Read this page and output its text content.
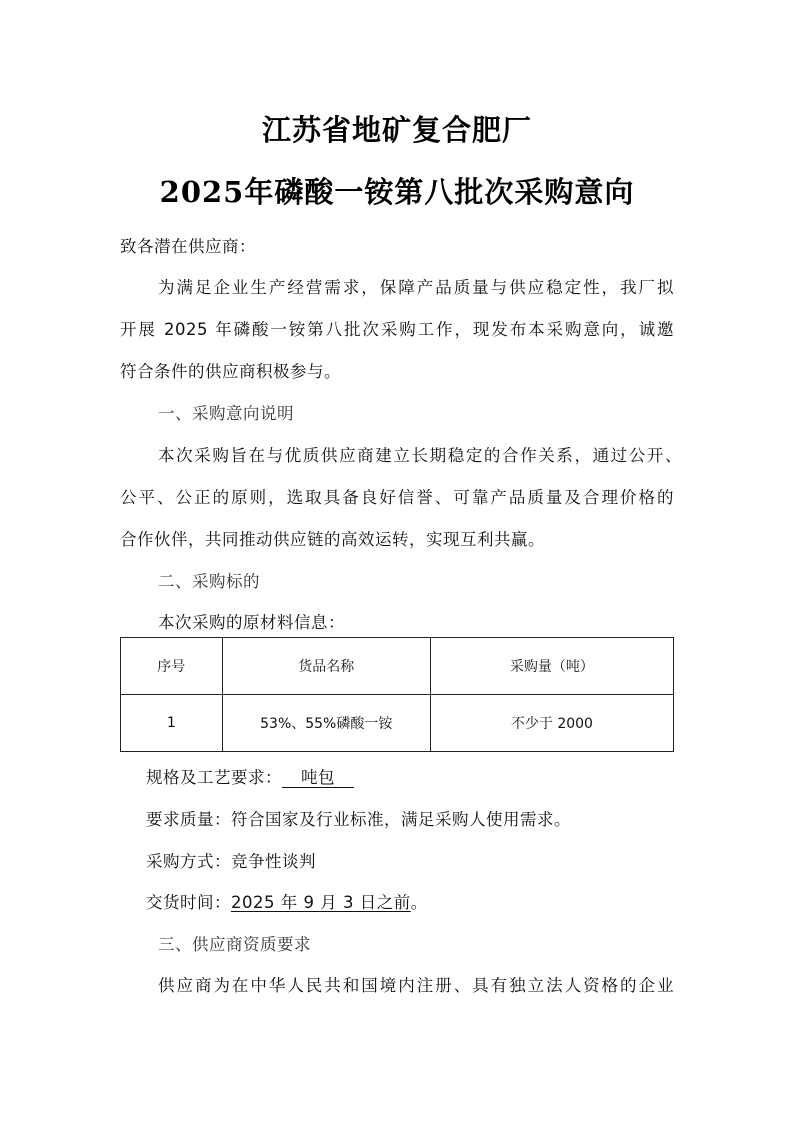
江苏省地矿复合肥厂
2025年磷酸一铵第八批次采购意向
致各潜在供应商：
为满足企业生产经营需求，保障产品质量与供应稳定性，我厂拟
开展 2025 年磷酸一铵第八批次采购工作，现发布本采购意向，诚邀
符合条件的供应商积极参与。
一、采购意向说明
本次采购旨在与优质供应商建立长期稳定的合作关系，通过公开、
公平、公正的原则，选取具备良好信誉、可靠产品质量及合理价格的
合作伙伴，共同推动供应链的高效运转，实现互利共赢。
二、采购标的
本次采购的原材料信息：
序号	货品名称	采购量（吨）
1	53%、55%磷酸一铵	不少于 2000
规格及工艺要求： 吨包
要求质量：符合国家及行业标准，满足采购人使用需求。
采购方式：竞争性谈判
交货时间：2025 年 9 月 3 日之前。
三、供应商资质要求
供应商为在中华人民共和国境内注册、具有独立法人资格的企业
